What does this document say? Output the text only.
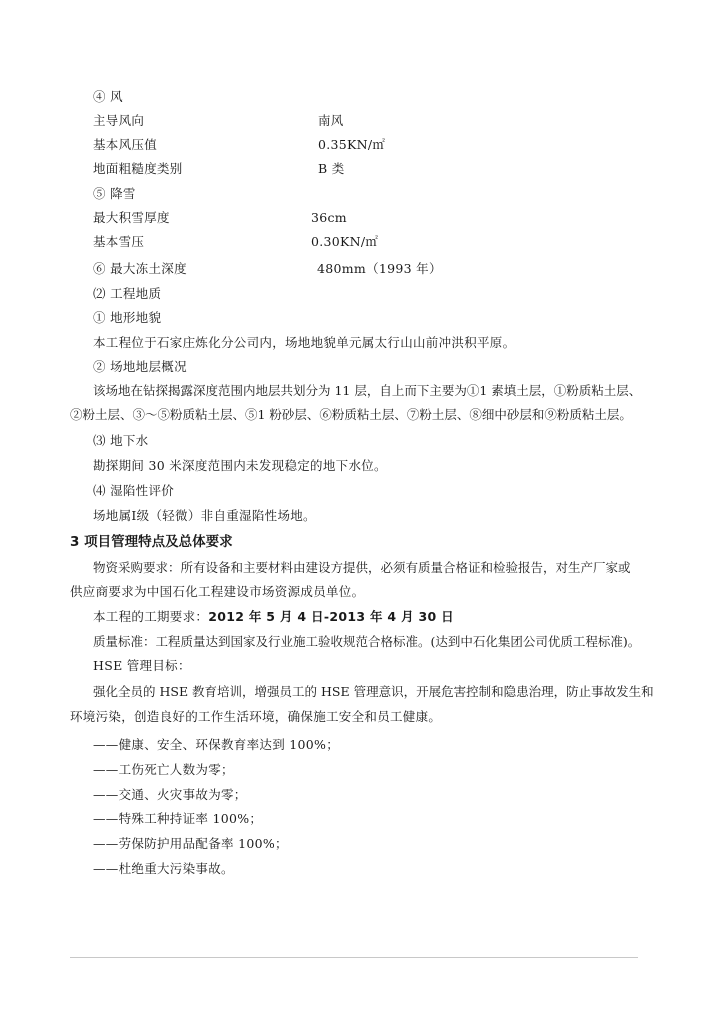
④ 风
主导风向	南风
基本风压值	0.35KN/㎡
地面粗糙度类别	B 类
⑤ 降雪
最大积雪厚度	36cm
基本雪压	0.30KN/㎡
⑥ 最大冻土深度	480mm（1993 年）
⑵ 工程地质
① 地形地貌
本工程位于石家庄炼化分公司内，场地地貌单元属太行山山前冲洪积平原。
② 场地地层概况
该场地在钻探揭露深度范围内地层共划分为 11 层，自上而下主要为①1 素填土层，①粉质粘土层、
②粉土层、③～⑤粉质粘土层、⑤1 粉砂层、⑥粉质粘土层、⑦粉土层、⑧细中砂层和⑨粉质粘土层。
⑶ 地下水
勘探期间 30 米深度范围内未发现稳定的地下水位。
⑷ 湿陷性评价
场地属Ⅰ级（轻微）非自重湿陷性场地。
3 项目管理特点及总体要求
物资采购要求：所有设备和主要材料由建设方提供，必须有质量合格证和检验报告，对生产厂家或
供应商要求为中国石化工程建设市场资源成员单位。
本工程的工期要求：2012 年 5 月 4 日-2013 年 4 月 30 日
质量标准：工程质量达到国家及行业施工验收规范合格标准。(达到中石化集团公司优质工程标准)。
HSE 管理目标：
强化全员的 HSE 教育培训，增强员工的 HSE 管理意识，开展危害控制和隐患治理，防止事故发生和
环境污染，创造良好的工作生活环境，确保施工安全和员工健康。
——健康、安全、环保教育率达到 100%；
——工伤死亡人数为零；
——交通、火灾事故为零；
——特殊工种持证率 100%；
——劳保防护用品配备率 100%；
——杜绝重大污染事故。
